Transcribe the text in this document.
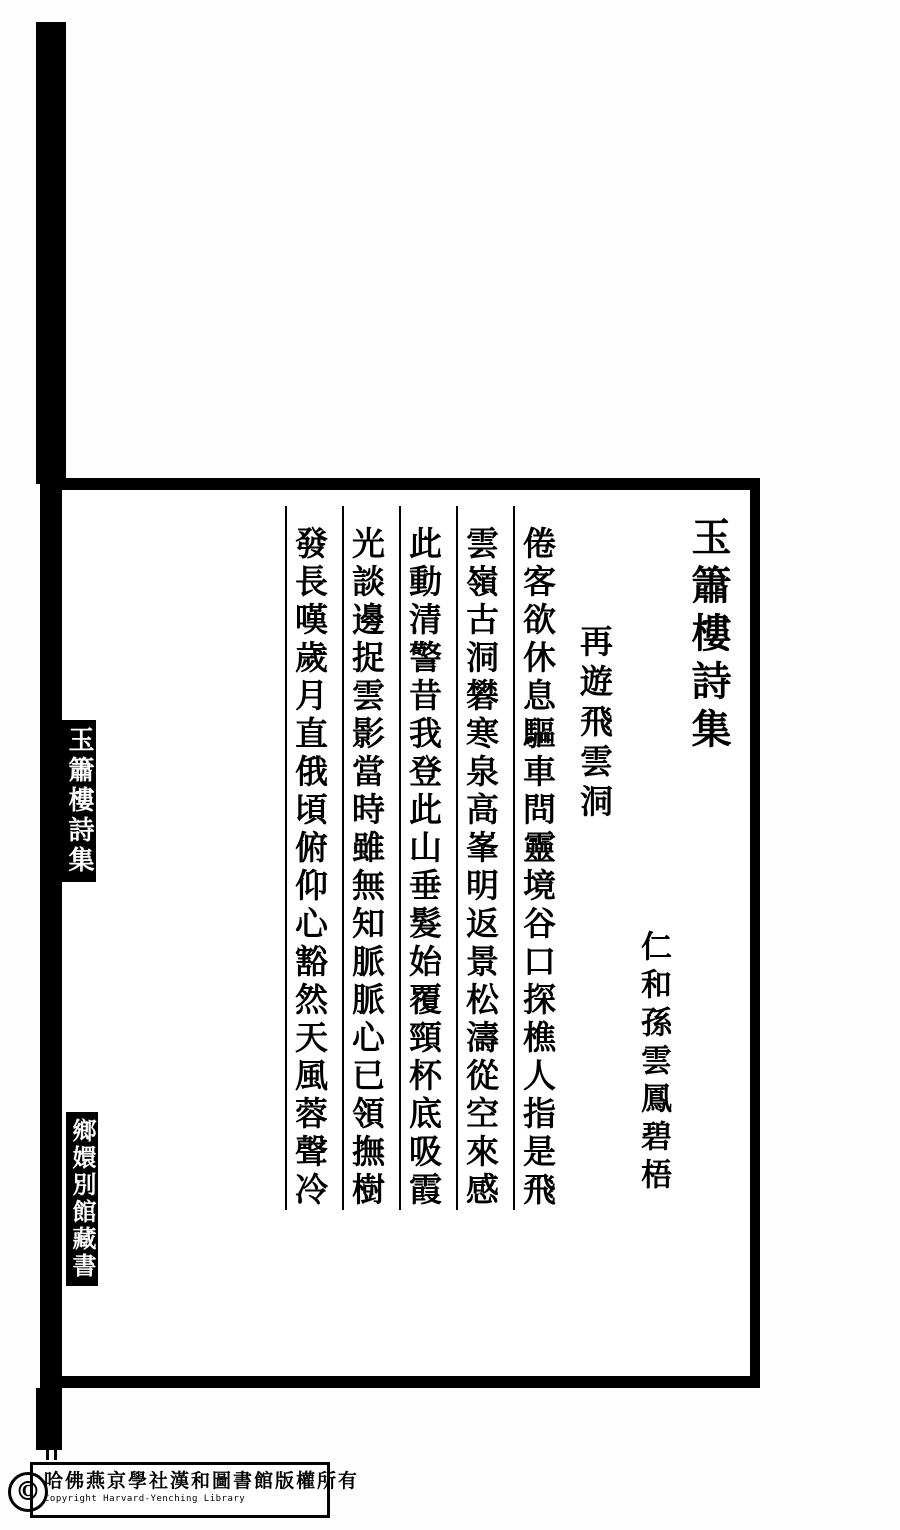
玉簫樓詩集
仁和孫雲鳳碧梧
再遊飛雲洞
倦客欲休息驅車問靈境谷口探樵人指是飛
雲嶺古洞礬寒泉高峯明返景松濤從空來感
此動清警昔我登此山垂髮始覆頸杯底吸霞
光談邊捉雲影當時雖無知脈脈心已領撫樹
發長嘆歲月直俄頃俯仰心豁然天風蓉聲冷
玉簫樓詩集
鄉嬛別館藏書
© 哈佛燕京學社漢和圖書館版權所有
Copyright Harvard-Yenching Library
